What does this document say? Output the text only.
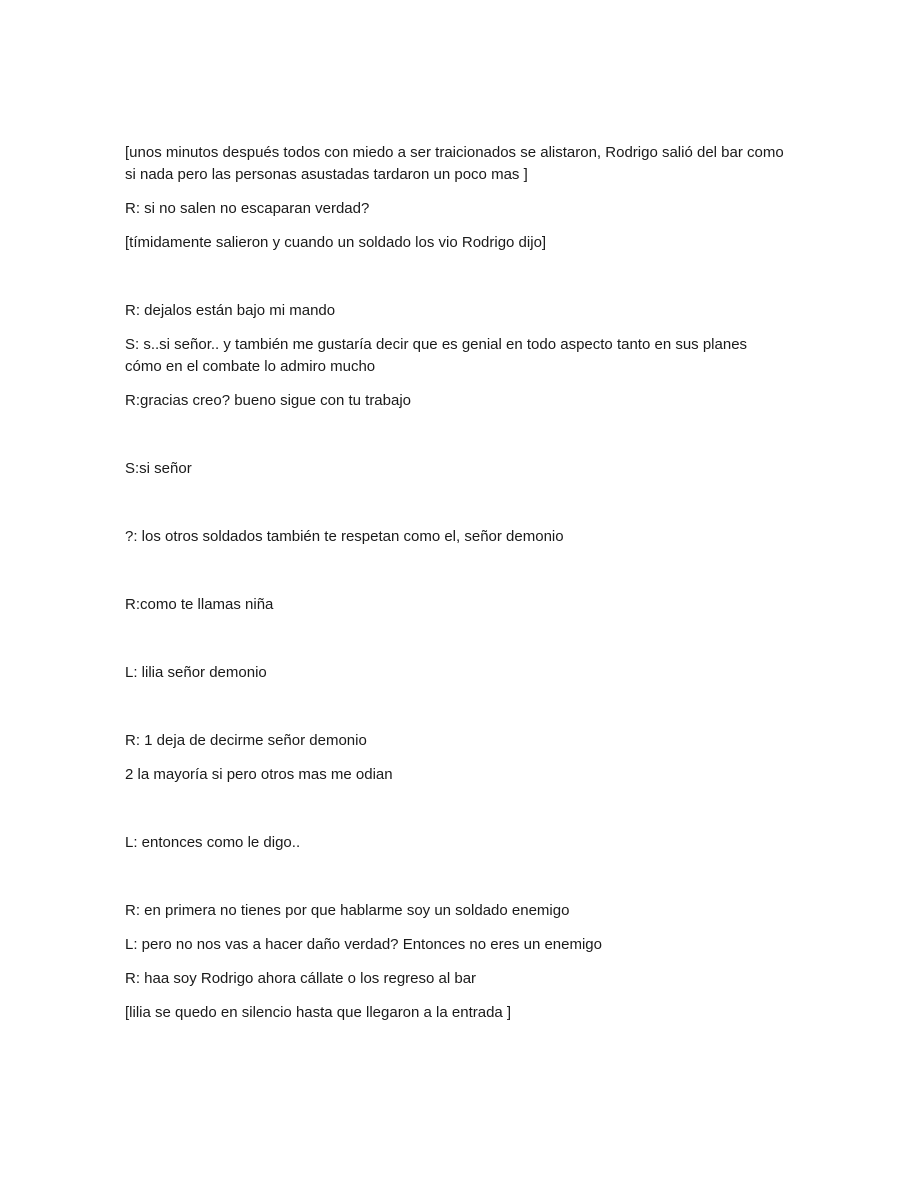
[unos minutos después todos con miedo a ser traicionados se alistaron, Rodrigo salió del bar como si nada pero las personas asustadas tardaron un poco mas ]

R: si no salen no escaparan verdad?

[tímidamente salieron y cuando un soldado los vio Rodrigo dijo]

R: dejalos están bajo mi mando

S: s..si señor.. y también me gustaría decir que es genial en todo aspecto tanto en sus planes cómo en el combate lo admiro mucho

R:gracias creo? bueno sigue con tu trabajo

S:si señor

?: los otros soldados también te respetan como el, señor demonio

R:como te llamas niña

L: lilia señor demonio

R: 1 deja de decirme señor demonio

2 la mayoría si pero otros mas me odian

L: entonces como le digo..

R: en primera no tienes por que hablarme soy un soldado enemigo

L: pero no nos vas a hacer daño verdad? Entonces no eres un enemigo

R: haa soy Rodrigo ahora cállate o los regreso al bar

[lilia se quedo en silencio hasta que llegaron a la entrada ]
